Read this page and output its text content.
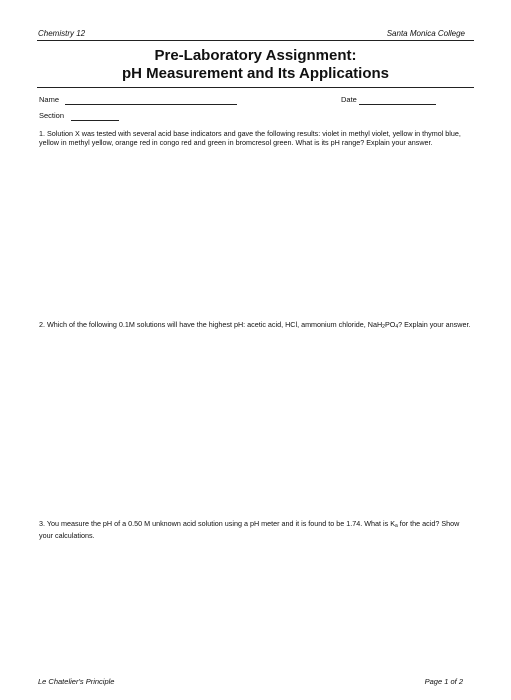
Chemistry 12	Santa Monica College
Pre-Laboratory Assignment:
pH Measurement and Its Applications
Name	Date
Section
1. Solution X was tested with several acid base indicators and gave the following results: violet in methyl violet, yellow in thymol blue, yellow in methyl yellow, orange red in congo red and green in bromcresol green. What is its pH range? Explain your answer.
2. Which of the following 0.1M solutions will have the highest pH: acetic acid, HCl, ammonium chloride, $NaH_2PO_4$? Explain your answer.
3. You measure the pH of a 0.50 M unknown acid solution using a pH meter and it is found to be 1.74. What is $K_a$ for the acid? Show your calculations.
Le Chatelier's Principle	Page 1 of 2
